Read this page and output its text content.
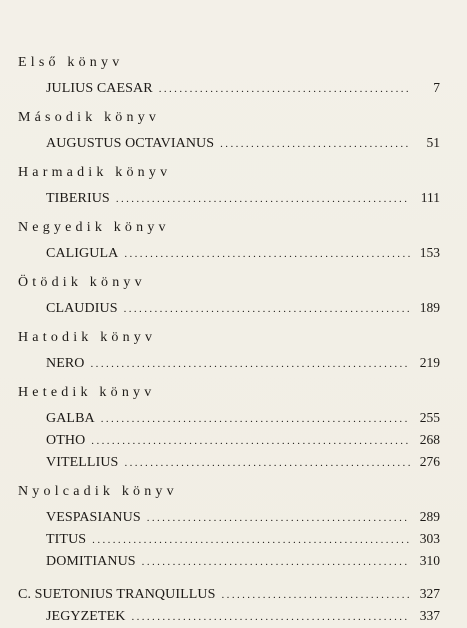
Első könyv
JULIUS CAESAR .....	7
Második könyv
AUGUSTUS OCTAVIANUS .....	51
Harmadik könyv
TIBERIUS .....	111
Negyedik könyv
CALIGULA .....	153
Ötödik könyv
CLAUDIUS .....	189
Hatodik könyv
NERO .....	219
Hetedik könyv
GALBA .....	255
OTHO .....	268
VITELLIUS .....	276
Nyolcadik könyv
VESPASIANUS .....	289
TITUS .....	303
DOMITIANUS .....	310
C. SUETONIUS TRANQUILLUS .....	327
JEGYZETEK .....	337
